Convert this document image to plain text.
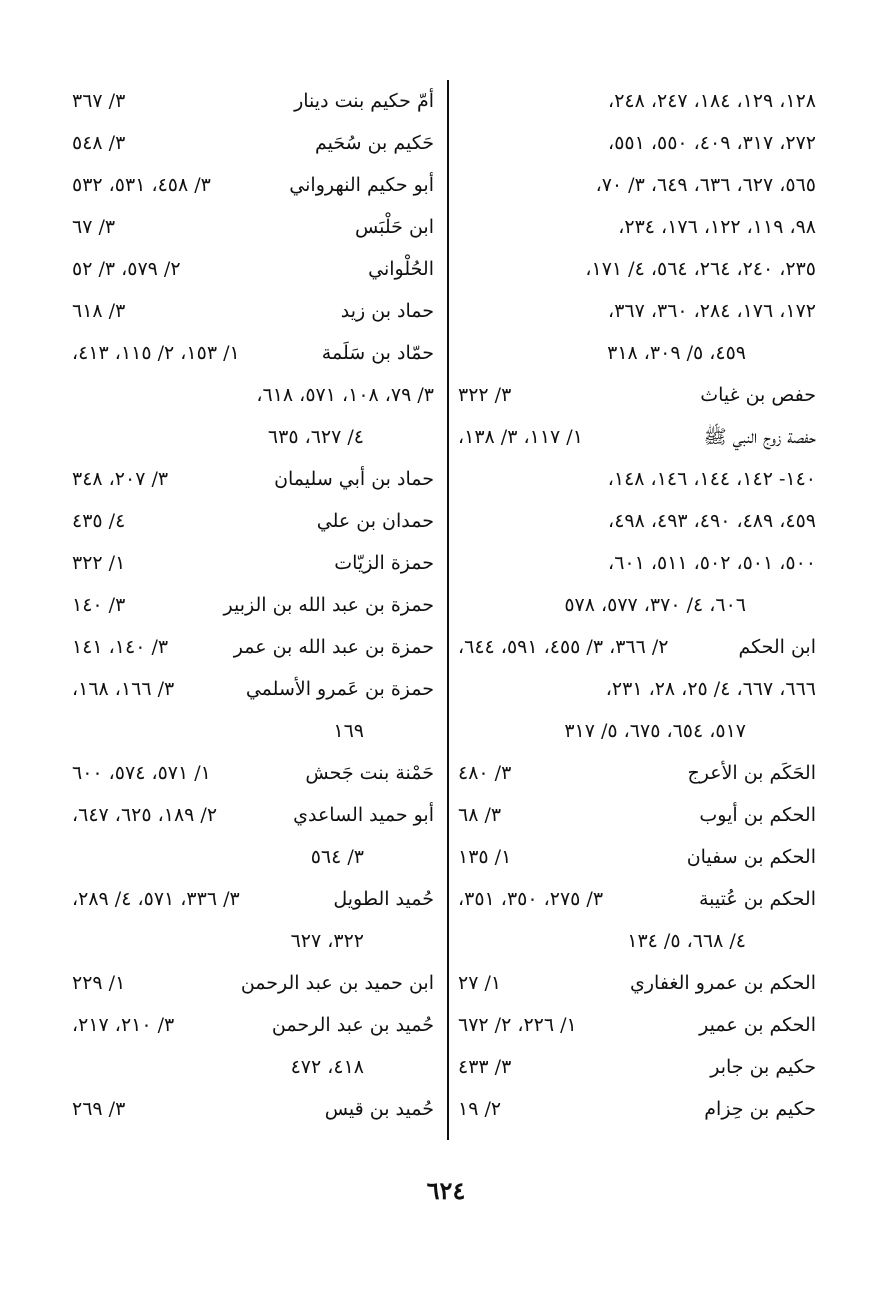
١٢٨، ١٢٩، ١٨٤، ٢٤٧، ٢٤٨،
٢٧٢، ٣١٧، ٤٠٩، ٥٥٠، ٥٥١،
٥٦٥، ٦٢٧، ٦٣٦، ٦٤٩، ٣/ ٧٠،
٩٨، ١١٩، ١٢٢، ١٧٦، ٢٣٤،
٢٣٥، ٢٤٠، ٢٦٤، ٥٦٤، ٤/ ١٧١،
١٧٢، ١٧٦، ٢٨٤، ٣٦٠، ٣٦٧،
٤٥٩، ٥/ ٣٠٩، ٣١٨
حفص بن غياث
٣/ ٣٢٢
حفصة زوج النبي ﷺ
١/ ١١٧، ٣/ ١٣٨،
١٤٠- ١٤٢، ١٤٤، ١٤٦، ١٤٨،
٤٥٩، ٤٨٩، ٤٩٠، ٤٩٣، ٤٩٨،
٥٠٠، ٥٠١، ٥٠٢، ٥١١، ٦٠١،
٦٠٦، ٤/ ٣٧٠، ٥٧٧، ٥٧٨
ابن الحكم
٢/ ٣٦٦، ٣/ ٤٥٥، ٥٩١، ٦٤٤،
٦٦٦، ٦٦٧، ٤/ ٢٥، ٢٨، ٢٣١،
٥١٧، ٦٥٤، ٦٧٥، ٥/ ٣١٧
الحَكَم بن الأعرج
٣/ ٤٨٠
الحكم بن أيوب
٣/ ٦٨
الحكم بن سفيان
١/ ١٣٥
الحكم بن عُتيبة
٣/ ٢٧٥، ٣٥٠، ٣٥١،
٤/ ٦٦٨، ٥/ ١٣٤
الحكم بن عمرو الغفاري
١/ ٢٧
الحكم بن عمير
١/ ٢٢٦، ٢/ ٦٧٢
حكيم بن جابر
٣/ ٤٣٣
حكيم بن حِزام
٢/ ١٩
أمّ حكيم بنت دينار
٣/ ٣٦٧
حَكيم بن سُحَيم
٣/ ٥٤٨
أبو حكيم النهرواني
٣/ ٤٥٨، ٥٣١، ٥٣٢
ابن حَلْبَس
٣/ ٦٧
الحُلْواني
٢/ ٥٧٩، ٣/ ٥٢
حماد بن زيد
٣/ ٦١٨
حمّاد بن سَلَمة
١/ ١٥٣، ٢/ ١١٥، ٤١٣،
٣/ ٧٩، ١٠٨، ٥٧١، ٦١٨،
٤/ ٦٢٧، ٦٣٥
حماد بن أبي سليمان
٣/ ٢٠٧، ٣٤٨
حمدان بن علي
٤/ ٤٣٥
حمزة الزيّات
١/ ٣٢٢
حمزة بن عبد الله بن الزبير
٣/ ١٤٠
حمزة بن عبد الله بن عمر
٣/ ١٤٠، ١٤١
حمزة بن عَمرو الأسلمي
٣/ ١٦٦، ١٦٨،
١٦٩
حَمْنة بنت جَحش
١/ ٥٧١، ٥٧٤، ٦٠٠
أبو حميد الساعدي
٢/ ١٨٩، ٦٢٥، ٦٤٧،
٣/ ٥٦٤
حُميد الطويل
٣/ ٣٣٦، ٥٧١، ٤/ ٢٨٩،
٣٢٢، ٦٢٧
ابن حميد بن عبد الرحمن
١/ ٢٢٩
حُميد بن عبد الرحمن
٣/ ٢١٠، ٢١٧،
٤١٨، ٤٧٢
حُميد بن قيس
٣/ ٢٦٩
٦٢٤
